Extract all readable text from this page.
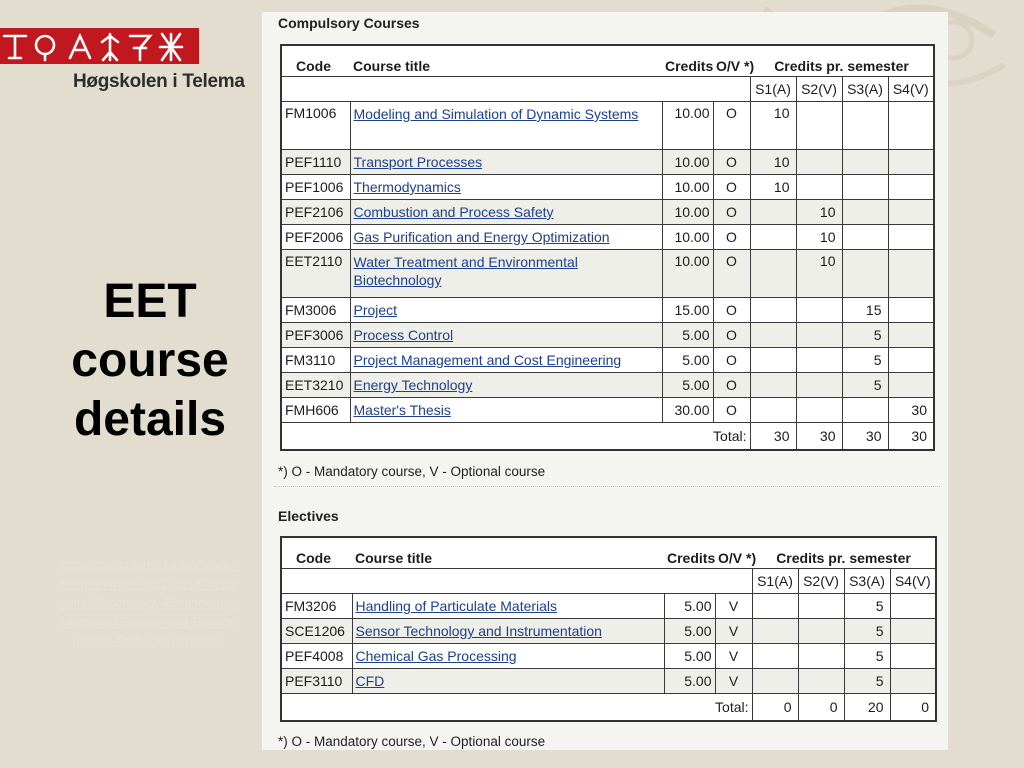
Høgskolen i Telema
EET
course
details
http://curriculums.hit.no/Study-Programmes-2012-2013/Nettvisning/Technology-Engineering/Master-of-Energy-and-Environmental-Technology-master
Compulsory Courses
Code	Course title	Credits	O/V *)	Credits pr. semester			
				S1(A)	S2(V)	S3(A)	S4(V)
FM1006	Modeling and Simulation of Dynamic Systems	10.00	O	10			
PEF1110	Transport Processes	10.00	O	10			
PEF1006	Thermodynamics	10.00	O	10			
PEF2106	Combustion and Process Safety	10.00	O		10		
PEF2006	Gas Purification and Energy Optimization	10.00	O		10		
EET2110	Water Treatment and Environmental Biotechnology	10.00	O		10		
FM3006	Project	15.00	O			15	
PEF3006	Process Control	5.00	O			5	
FM3110	Project Management and Cost Engineering	5.00	O			5	
EET3210	Energy Technology	5.00	O			5	
FMH606	Master's Thesis	30.00	O				30
Total:				30	30	30	30
*) O - Mandatory course, V - Optional course
Electives
Code	Course title	Credits	O/V *)	Credits pr. semester			
				S1(A)	S2(V)	S3(A)	S4(V)
FM3206	Handling of Particulate Materials	5.00	V			5	
SCE1206	Sensor Technology and Instrumentation	5.00	V			5	
PEF4008	Chemical Gas Processing	5.00	V			5	
PEF3110	CFD	5.00	V			5	
Total:				0	0	20	0
*) O - Mandatory course, V - Optional course
